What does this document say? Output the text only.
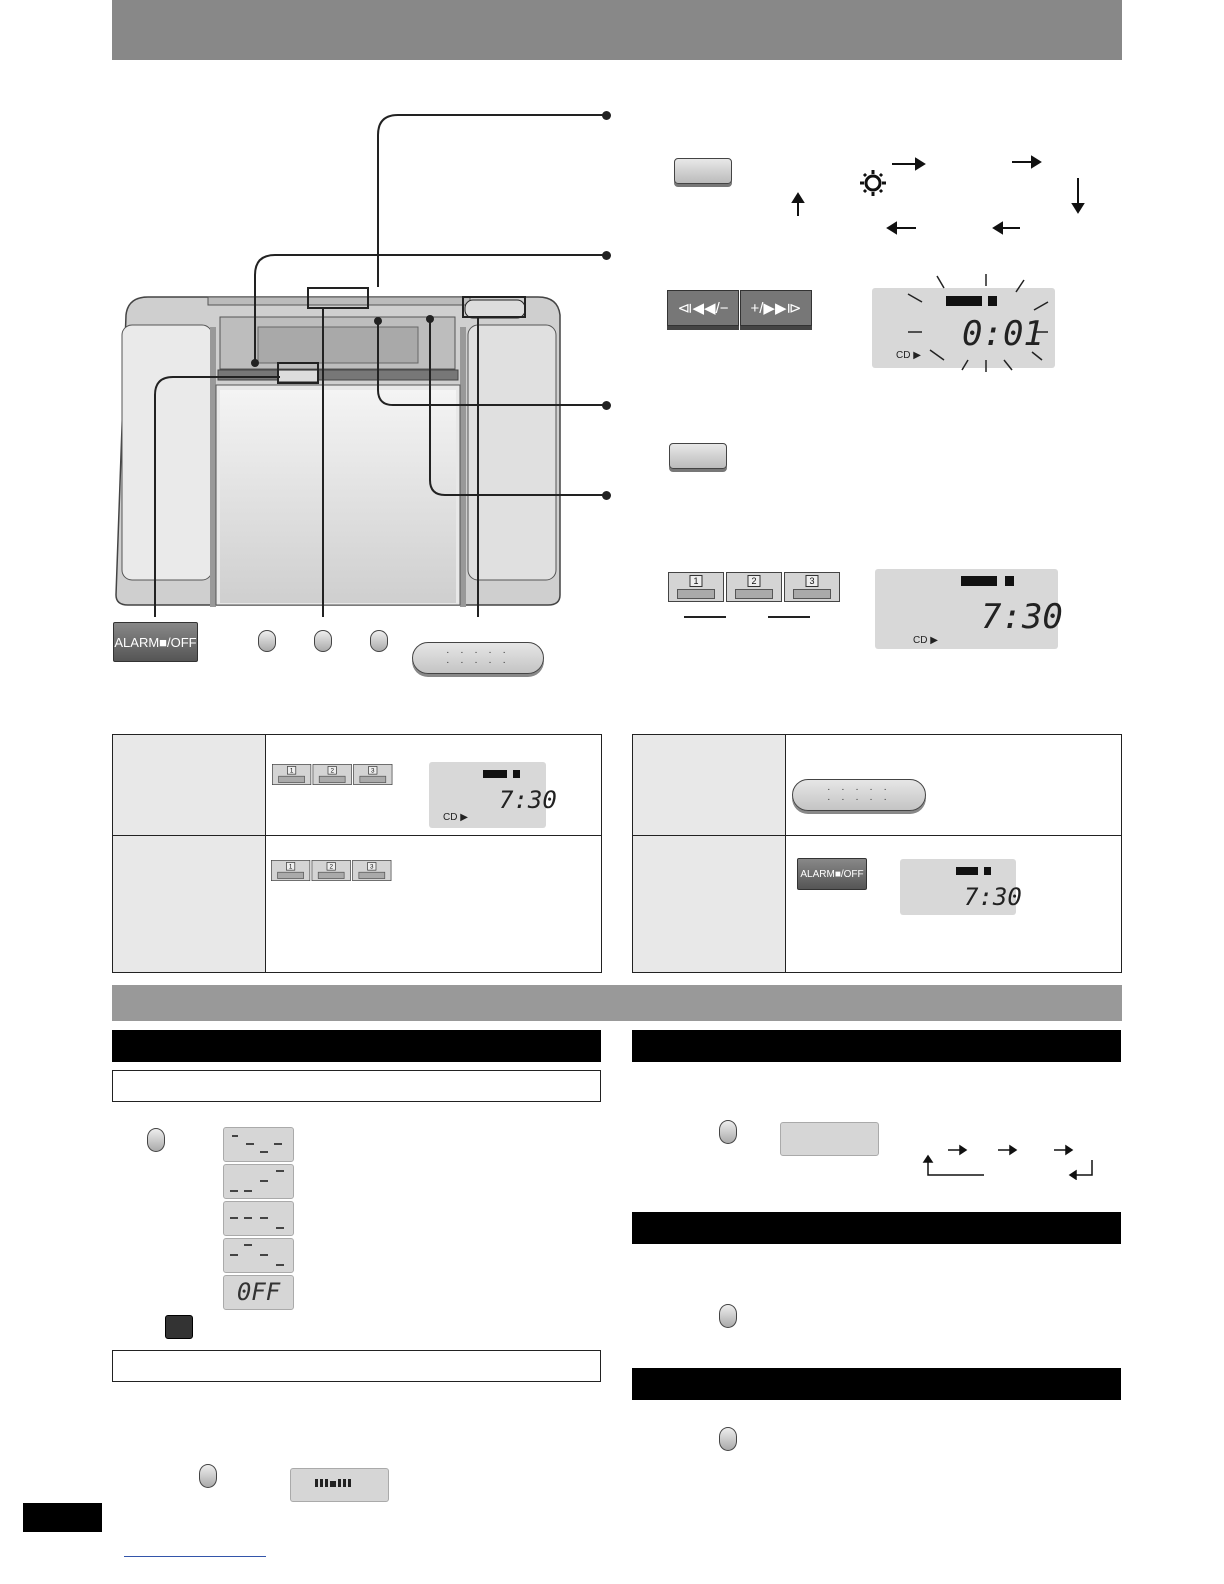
ALARM■/OFF
· · · · ·
· · · · ·
⧏◀◀/− +/▶▶⧐
0:01
CD ▶
1	2	3
7:30
CD ▶
1	2	3
7:30
CD ▶
1	2	3
· · · · ·
· · · · ·
ALARM■/OFF
7:30
0FF
